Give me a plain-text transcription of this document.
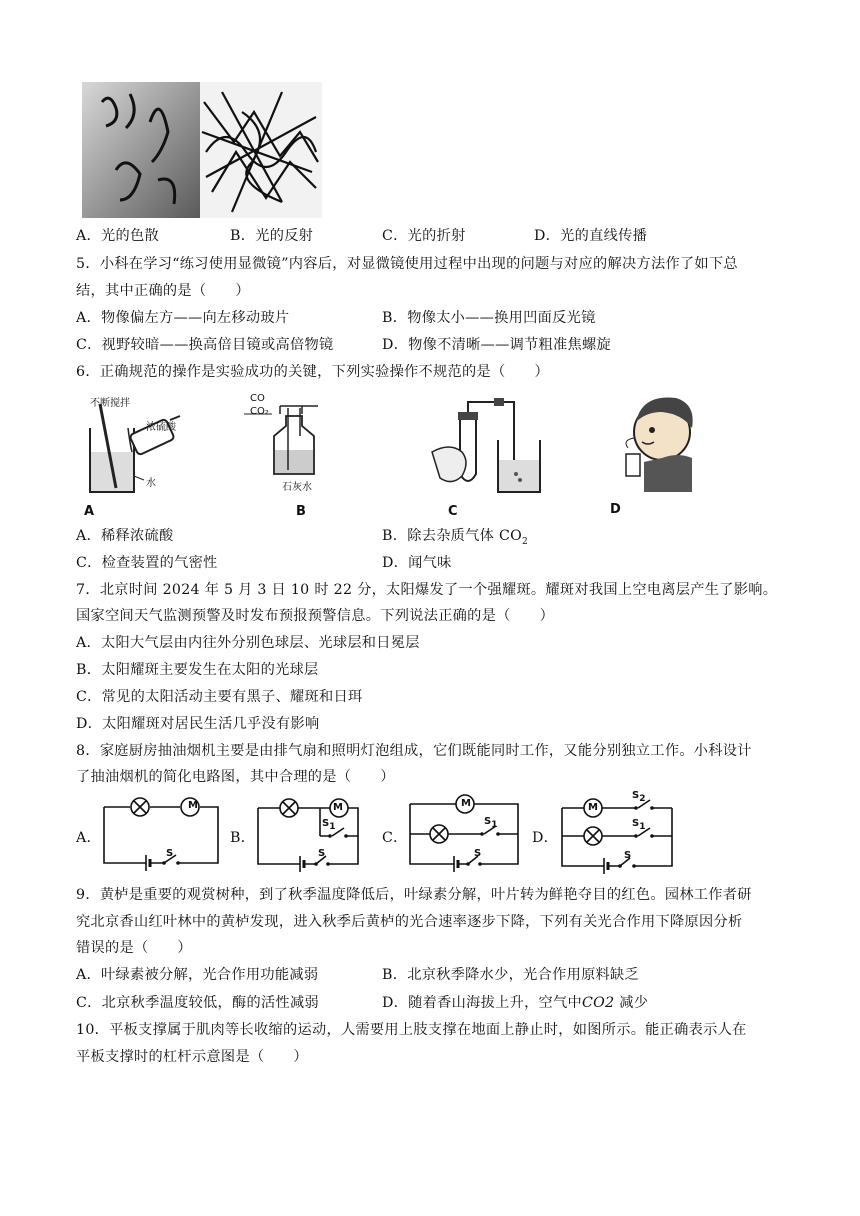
A．光的色散	B．光的反射	C．光的折射	D．光的直线传播
5．小科在学习“练习使用显微镜”内容后，对显微镜使用过程中出现的问题与对应的解决方法作了如下总
结，其中正确的是（　　）
A．物像偏左方——向左移动玻片	B．物像太小——换用凹面反光镜
C．视野较暗——换高倍目镜或高倍物镜	D．物像不清晰——调节粗准焦螺旋
6．正确规范的操作是实验成功的关键，下列实验操作不规范的是（　　）
不断搅拌
浓硫酸
水
A
CO
CO₂
石灰水
B	C	D
A．稀释浓硫酸	B．除去杂质气体 $CO_2$
C．检查装置的气密性	D．闻气味
7．北京时间 2024 年 5 月 3 日 10 时 22 分，太阳爆发了一个强耀斑。耀斑对我国上空电离层产生了影响。
国家空间天气监测预警及时发布预报预警信息。下列说法正确的是（　　）
A．太阳大气层由内往外分别色球层、光球层和日冕层
B．太阳耀斑主要发生在太阳的光球层
C．常见的太阳活动主要有黑子、耀斑和日珥
D．太阳耀斑对居民生活几乎没有影响
8．家庭厨房抽油烟机主要是由排气扇和照明灯泡组成，它们既能同时工作，又能分别独立工作。小科设计
了抽油烟机的简化电路图，其中合理的是（　　）
A．	B．	C．	D．
M
S
M
$S_1$
S
M
$S_1$
S
M
$S_2$
$S_1$
S
9．黄栌是重要的观赏树种，到了秋季温度降低后，叶绿素分解，叶片转为鲜艳夺目的红色。园林工作者研
究北京香山红叶林中的黄栌发现，进入秋季后黄栌的光合速率逐步下降，下列有关光合作用下降原因分析
错误的是（　　）
A．叶绿素被分解，光合作用功能减弱	B．北京秋季降水少，光合作用原料缺乏
C．北京秋季温度较低，酶的活性减弱	D．随着香山海拔上升，空气中CO2 减少
10．平板支撑属于肌肉等长收缩的运动，人需要用上肢支撑在地面上静止时，如图所示。能正确表示人在
平板支撑时的杠杆示意图是（　　）
